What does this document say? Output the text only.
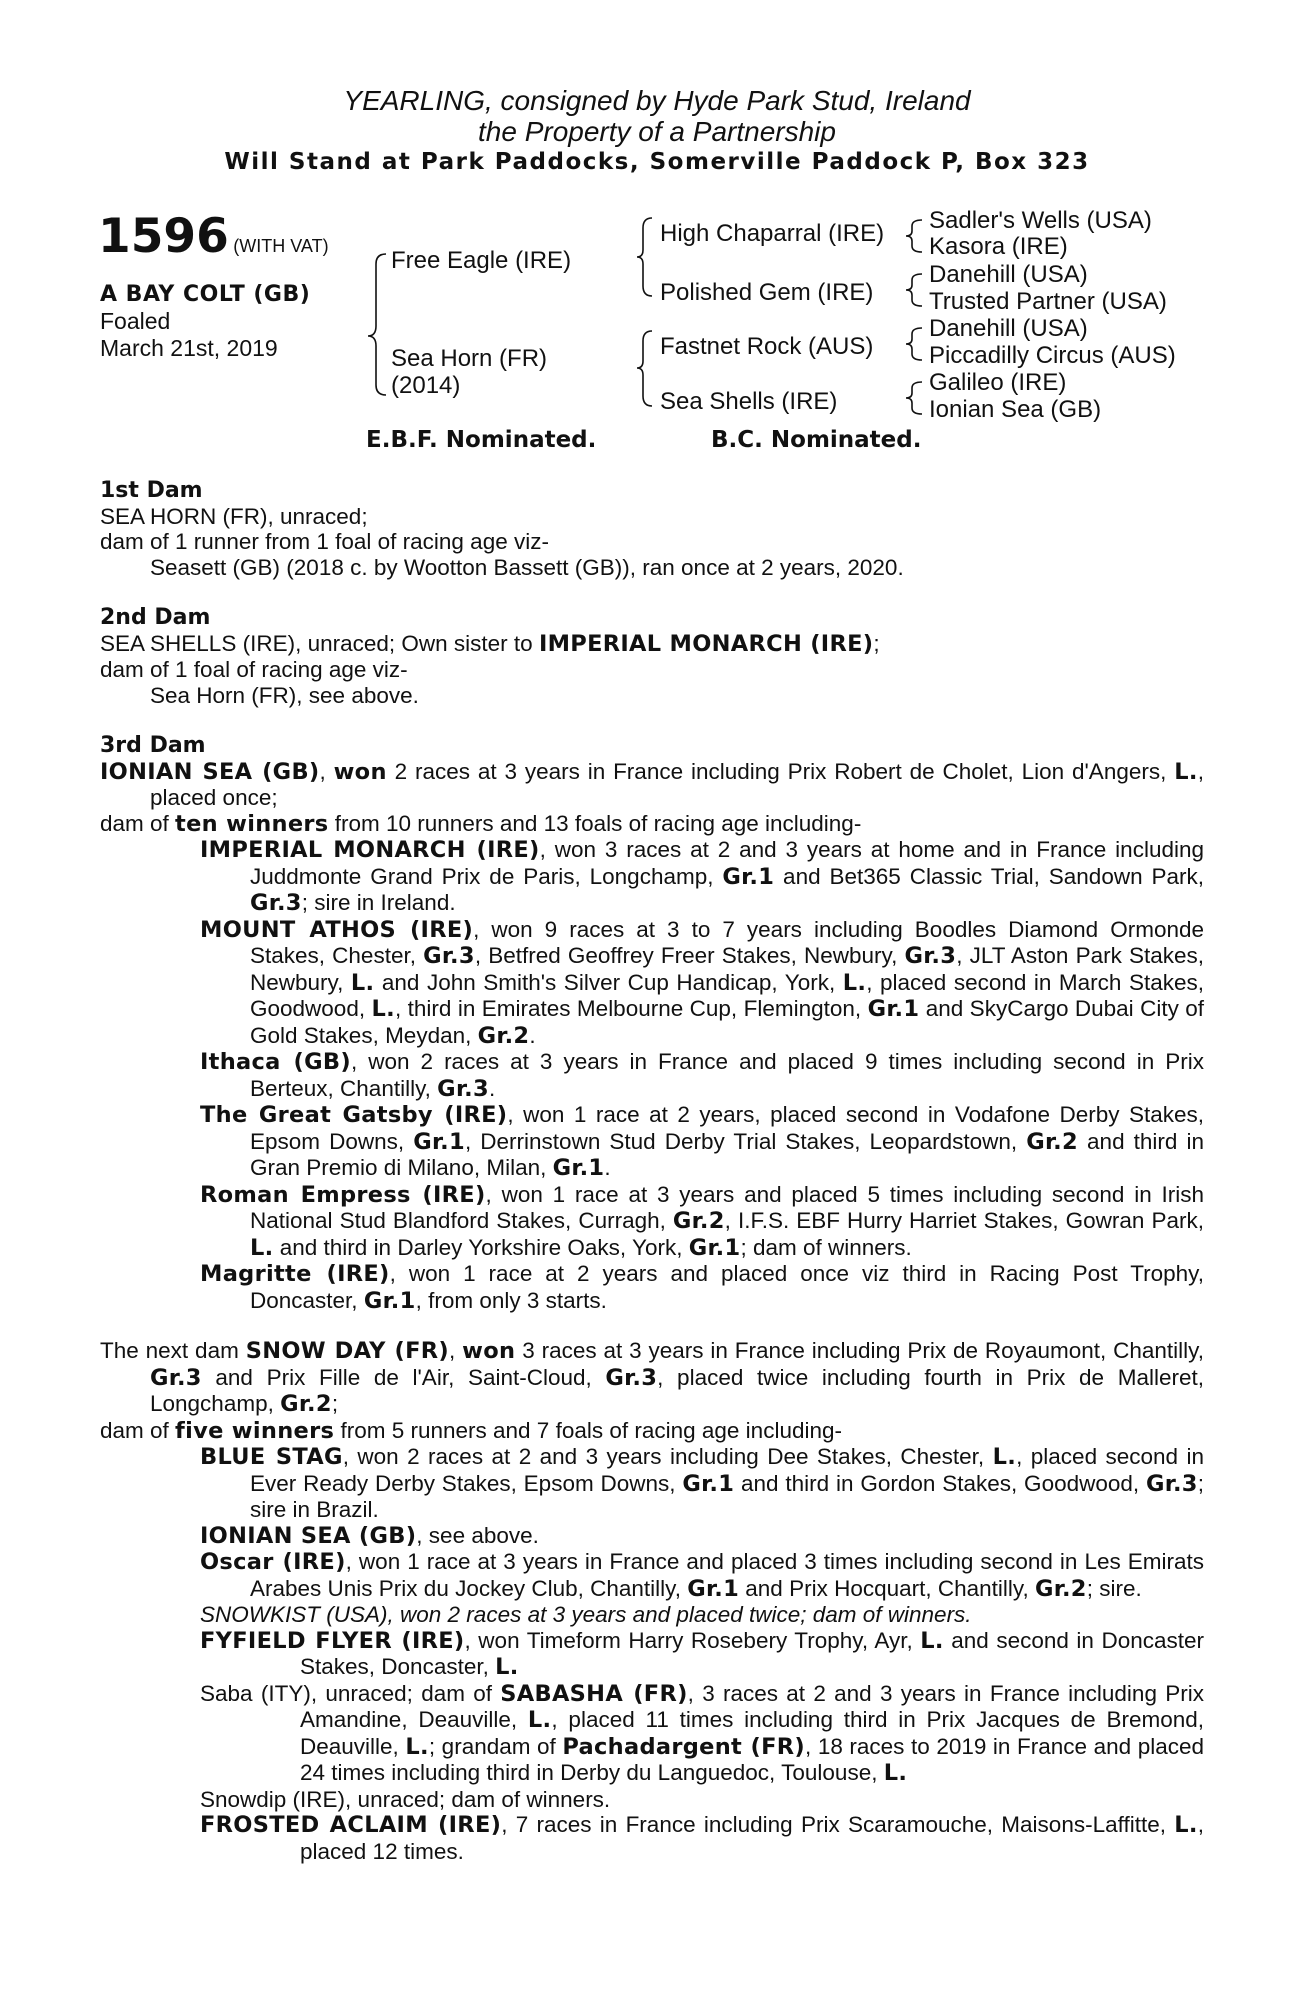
YEARLING, consigned by Hyde Park Stud, Ireland
the Property of a Partnership
Will Stand at Park Paddocks, Somerville Paddock P, Box 323
1596 (WITH VAT)
A BAY COLT (GB)
Foaled
March 21st, 2019
Free Eagle (IRE)
Sea Horn (FR)
(2014)
High Chaparral (IRE)
Polished Gem (IRE)
Fastnet Rock (AUS)
Sea Shells (IRE)
Sadler's Wells (USA)
Kasora (IRE)
Danehill (USA)
Trusted Partner (USA)
Danehill (USA)
Piccadilly Circus (AUS)
Galileo (IRE)
Ionian Sea (GB)
E.B.F. Nominated.	B.C. Nominated.

1st Dam

SEA HORN (FR), unraced;

dam of 1 runner from 1 foal of racing age viz-

Seasett (GB) (2018 c. by Wootton Bassett (GB)), ran once at 2 years, 2020.

2nd Dam

SEA SHELLS (IRE), unraced; Own sister to IMPERIAL MONARCH (IRE);

dam of 1 foal of racing age viz-

Sea Horn (FR), see above.

3rd Dam

IONIAN SEA (GB), won 2 races at 3 years in France including Prix Robert de Cholet, Lion d'Angers, L., placed once;

dam of ten winners from 10 runners and 13 foals of racing age including-

IMPERIAL MONARCH (IRE), won 3 races at 2 and 3 years at home and in France including Juddmonte Grand Prix de Paris, Longchamp, Gr.1 and Bet365 Classic Trial, Sandown Park, Gr.3; sire in Ireland.

MOUNT ATHOS (IRE), won 9 races at 3 to 7 years including Boodles Diamond Ormonde Stakes, Chester, Gr.3, Betfred Geoffrey Freer Stakes, Newbury, Gr.3, JLT Aston Park Stakes, Newbury, L. and John Smith's Silver Cup Handicap, York, L., placed second in March Stakes, Goodwood, L., third in Emirates Melbourne Cup, Flemington, Gr.1 and SkyCargo Dubai City of Gold Stakes, Meydan, Gr.2.

Ithaca (GB), won 2 races at 3 years in France and placed 9 times including second in Prix Berteux, Chantilly, Gr.3.

The Great Gatsby (IRE), won 1 race at 2 years, placed second in Vodafone Derby Stakes, Epsom Downs, Gr.1, Derrinstown Stud Derby Trial Stakes, Leopardstown, Gr.2 and third in Gran Premio di Milano, Milan, Gr.1.

Roman Empress (IRE), won 1 race at 3 years and placed 5 times including second in Irish National Stud Blandford Stakes, Curragh, Gr.2, I.F.S. EBF Hurry Harriet Stakes, Gowran Park, L. and third in Darley Yorkshire Oaks, York, Gr.1; dam of winners.

Magritte (IRE), won 1 race at 2 years and placed once viz third in Racing Post Trophy, Doncaster, Gr.1, from only 3 starts.

The next dam SNOW DAY (FR), won 3 races at 3 years in France including Prix de Royaumont, Chantilly, Gr.3 and Prix Fille de l'Air, Saint-Cloud, Gr.3, placed twice including fourth in Prix de Malleret, Longchamp, Gr.2;

dam of five winners from 5 runners and 7 foals of racing age including-

BLUE STAG, won 2 races at 2 and 3 years including Dee Stakes, Chester, L., placed second in Ever Ready Derby Stakes, Epsom Downs, Gr.1 and third in Gordon Stakes, Goodwood, Gr.3; sire in Brazil.

IONIAN SEA (GB), see above.

Oscar (IRE), won 1 race at 3 years in France and placed 3 times including second in Les Emirats Arabes Unis Prix du Jockey Club, Chantilly, Gr.1 and Prix Hocquart, Chantilly, Gr.2; sire.

SNOWKIST (USA), won 2 races at 3 years and placed twice; dam of winners.

FYFIELD FLYER (IRE), won Timeform Harry Rosebery Trophy, Ayr, L. and second in Doncaster Stakes, Doncaster, L.

Saba (ITY), unraced; dam of SABASHA (FR), 3 races at 2 and 3 years in France including Prix Amandine, Deauville, L., placed 11 times including third in Prix Jacques de Bremond, Deauville, L.; grandam of Pachadargent (FR), 18 races to 2019 in France and placed 24 times including third in Derby du Languedoc, Toulouse, L.

Snowdip (IRE), unraced; dam of winners.

FROSTED ACLAIM (IRE), 7 races in France including Prix Scaramouche, Maisons-Laffitte, L., placed 12 times.
